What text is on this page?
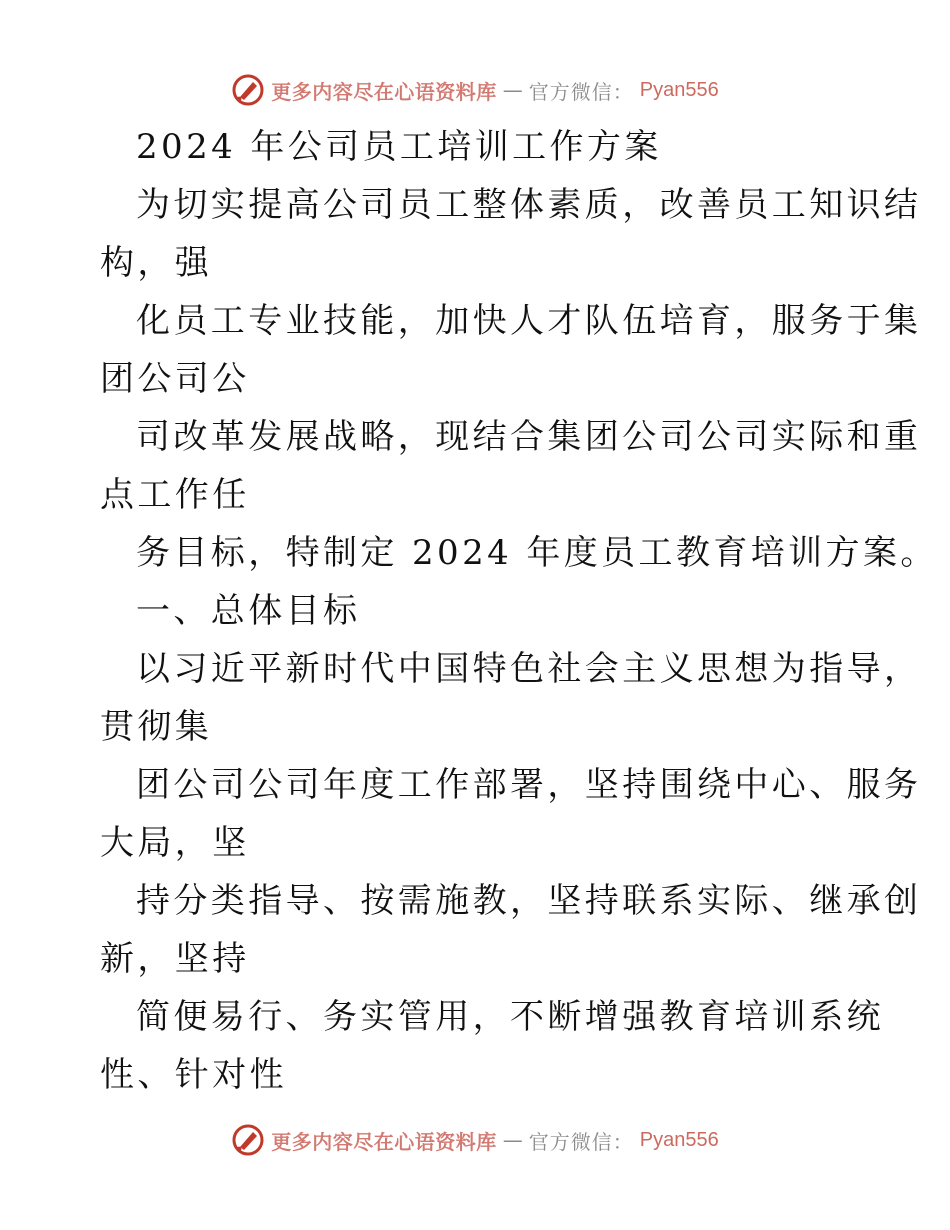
更多内容尽在心语资料库 — 官方微信： Pyan556
2024 年公司员工培训工作方案
为切实提高公司员工整体素质，改善员工知识结
构，强
化员工专业技能，加快人才队伍培育，服务于集
团公司公
司改革发展战略，现结合集团公司公司实际和重
点工作任
务目标，特制定 2024 年度员工教育培训方案。
一、总体目标
以习近平新时代中国特色社会主义思想为指导，
贯彻集
团公司公司年度工作部署，坚持围绕中心、服务
大局，坚
持分类指导、按需施教，坚持联系实际、继承创
新，坚持
简便易行、务实管用，不断增强教育培训系统
性、针对性
更多内容尽在心语资料库 — 官方微信： Pyan556
